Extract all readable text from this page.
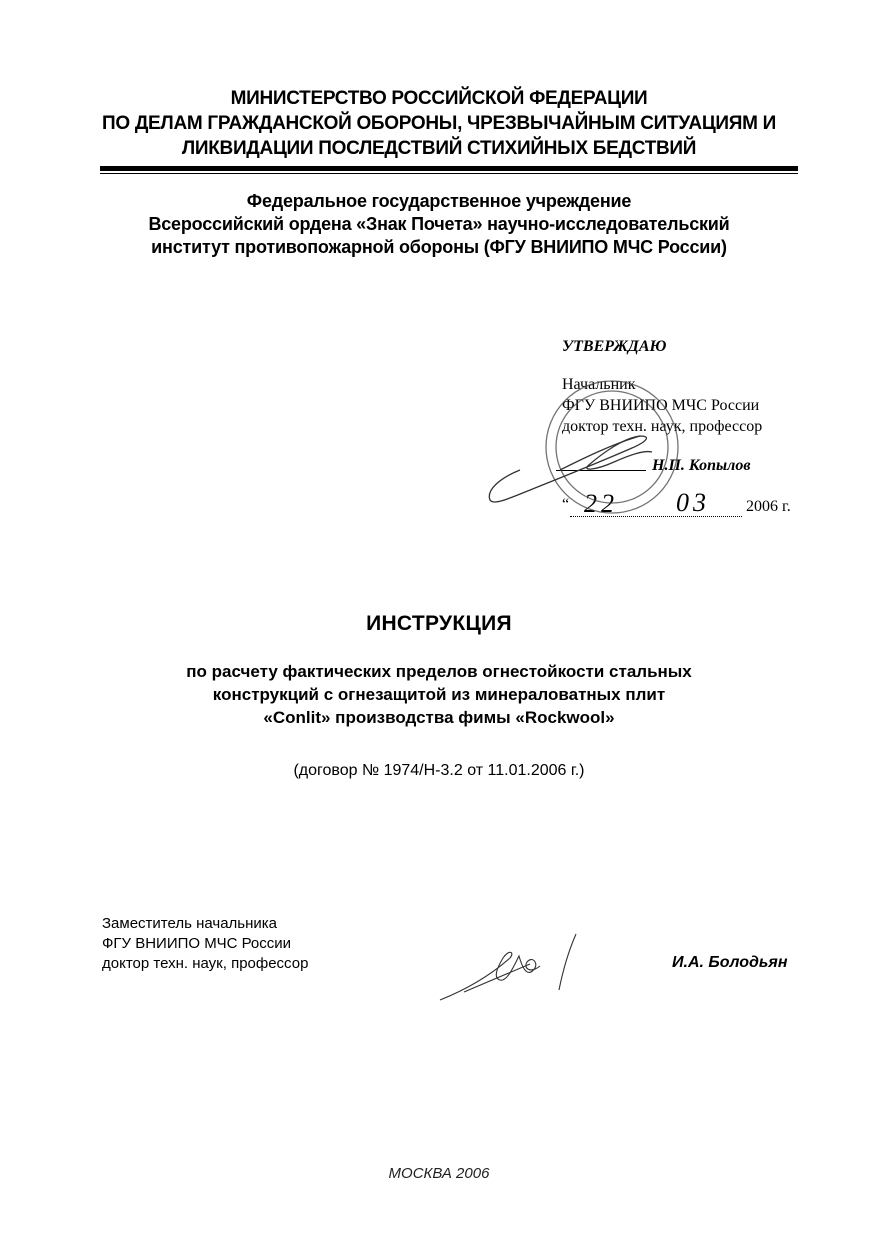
МИНИСТЕРСТВО РОССИЙСКОЙ ФЕДЕРАЦИИ
ПО ДЕЛАМ ГРАЖДАНСКОЙ ОБОРОНЫ, ЧРЕЗВЫЧАЙНЫМ СИТУАЦИЯМ И
ЛИКВИДАЦИИ ПОСЛЕДСТВИЙ СТИХИЙНЫХ БЕДСТВИЙ
Федеральное государственное учреждение
Всероссийский ордена «Знак Почета» научно-исследовательский
институт противопожарной обороны (ФГУ ВНИИПО МЧС России)
УТВЕРЖДАЮ
Начальник
ФГУ ВНИИПО МЧС России
доктор техн. наук, профессор
Н.П. Копылов
“ 22 03 2006 г.
ИНСТРУКЦИЯ
по расчету фактических пределов огнестойкости стальных
конструкций с огнезащитой из минераловатных плит
«Conlit» производства фимы «Rockwool»
(договор № 1974/Н-3.2 от 11.01.2006 г.)
Заместитель начальника
ФГУ ВНИИПО МЧС России
доктор техн. наук, профессор	И.А. Болодьян
МОСКВА 2006
